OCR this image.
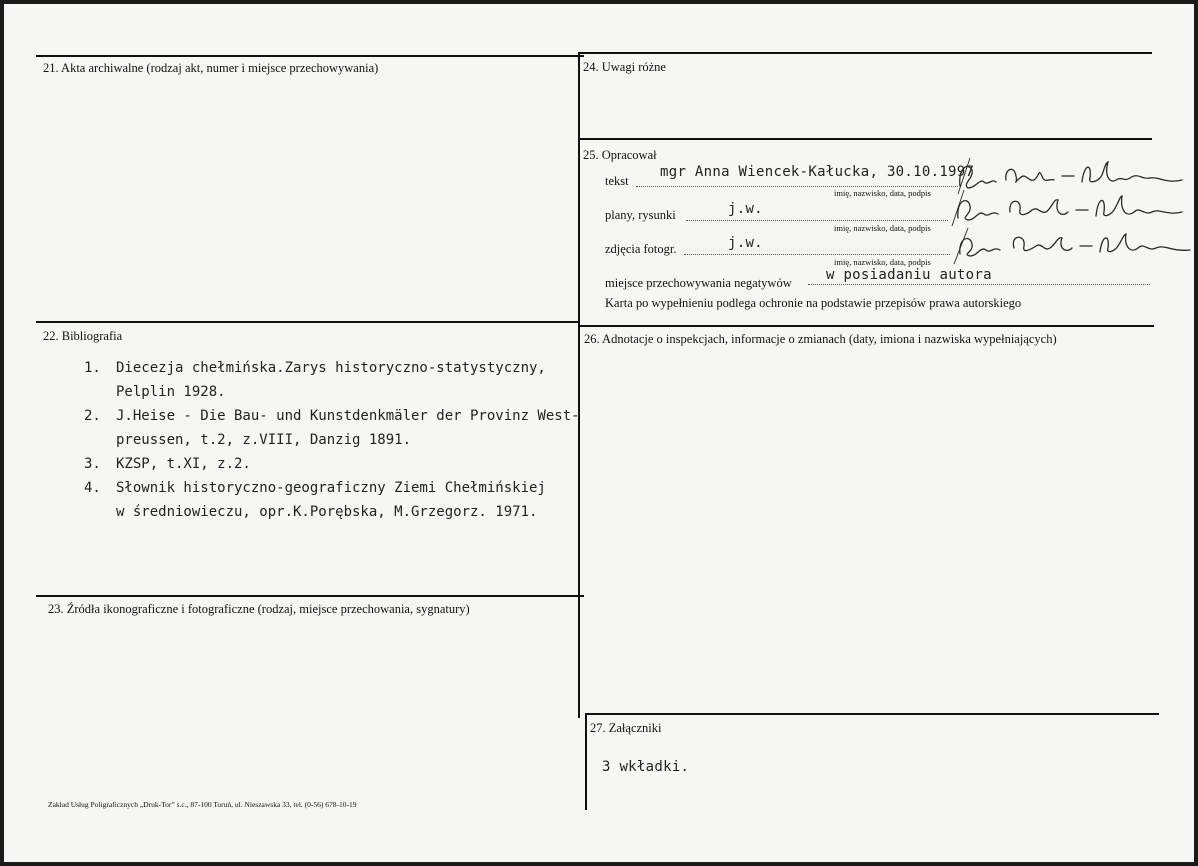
21. Akta archiwalne (rodzaj akt, numer i miejsce przechowywania)	24. Uwagi różne
25. Opracował
tekst
mgr Anna Wiencek-Kałucka, 30.10.1997
imię, nazwisko, data, podpis
plany, rysunki	j.w.
imię, nazwisko, data, podpis
zdjęcia fotogr.	j.w.
imię, nazwisko, data, podpis
miejsce przechowywania negatywów w posiadaniu autora
Karta po wypełnieniu podlega ochronie na podstawie przepisów prawa autorskiego
22. Bibliografia
1. Diecezja chełmińska.Zarys historyczno-statystyczny,
Pelplin 1928.
2. J.Heise - Die Bau- und Kunstdenkmäler der Provinz West-
preussen, t.2, z.VIII, Danzig 1891.
3. KZSP, t.XI, z.2.
4. Słownik historyczno-geograficzny Ziemi Chełmińskiej
w średniowieczu, opr.K.Porębska, M.Grzegorz. 1971.
26. Adnotacje o inspekcjach, informacje o zmianach (daty, imiona i nazwiska wypełniających)
23. Źródła ikonograficzne i fotograficzne (rodzaj, miejsce przechowania, sygnatury)
27. Załączniki
3 wkładki.
Zakład Usług Poligraficznych „Druk-Tor” s.c., 87-100 Toruń, ul. Nieszawska 33, tel. (0-56) 678-10-19
